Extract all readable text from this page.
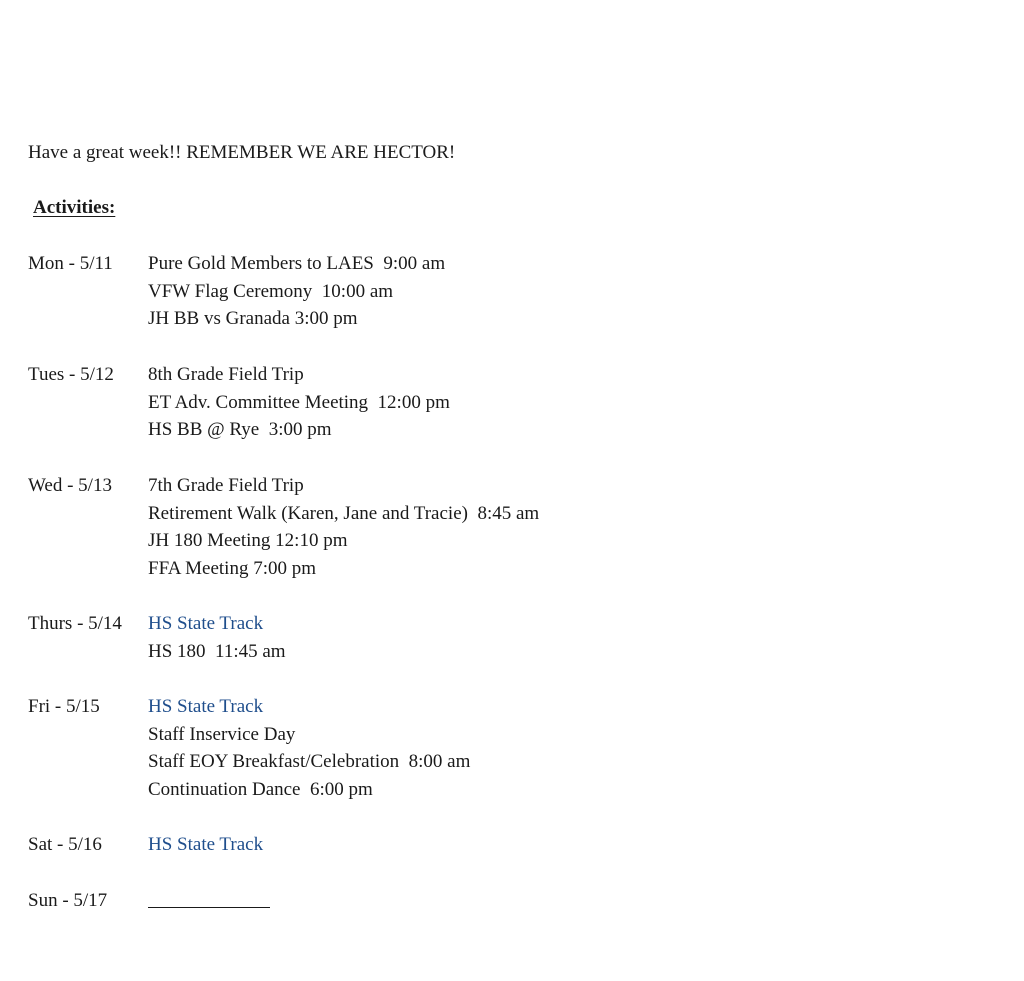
Have a great week!! REMEMBER WE ARE HECTOR!
Activities:
Mon - 5/11 Pure Gold Members to LAES  9:00 am
VFW Flag Ceremony  10:00 am
JH BB vs Granada 3:00 pm
Tues - 5/12 8th Grade Field Trip
ET Adv. Committee Meeting  12:00 pm
HS BB @ Rye  3:00 pm
Wed - 5/13 7th Grade Field Trip
Retirement Walk (Karen, Jane and Tracie)  8:45 am
JH 180 Meeting 12:10 pm
FFA Meeting 7:00 pm
Thurs - 5/14 HS State Track
HS 180  11:45 am
Fri - 5/15	HS State Track
Staff Inservice Day
Staff EOY Breakfast/Celebration  8:00 am
Continuation Dance  6:00 pm
Sat - 5/16 HS State Track
Sun - 5/17
